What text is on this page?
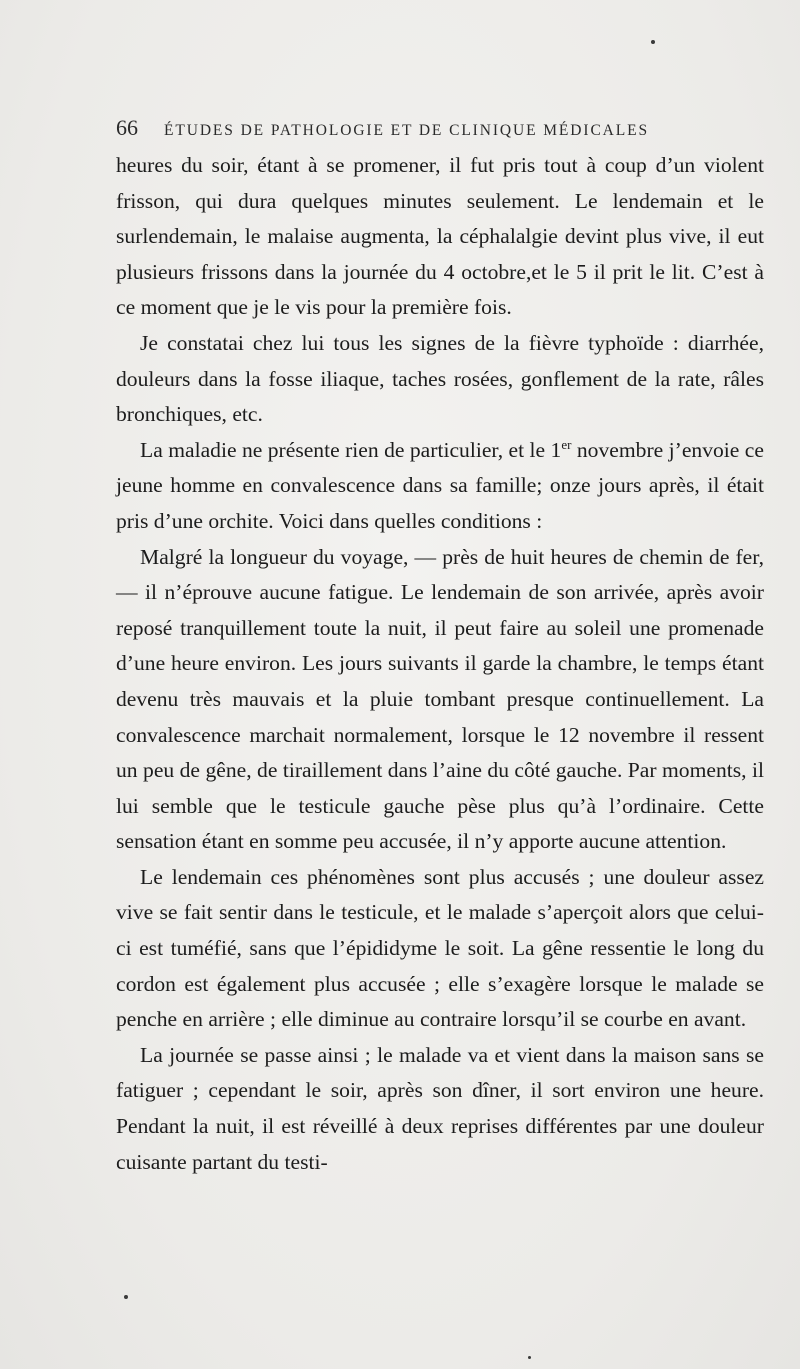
66 ÉTUDES DE PATHOLOGIE ET DE CLINIQUE MÉDICALES

heures du soir, étant à se promener, il fut pris tout à coup d’un violent frisson, qui dura quelques minutes seulement. Le lendemain et le surlendemain, le malaise augmenta, la céphalalgie devint plus vive, il eut plusieurs frissons dans la journée du 4 octobre,et le 5 il prit le lit. C’est à ce moment que je le vis pour la première fois.

Je constatai chez lui tous les signes de la fièvre typhoïde : diarrhée, douleurs dans la fosse iliaque, taches rosées, gonflement de la rate, râles bronchiques, etc.

La maladie ne présente rien de particulier, et le 1er novembre j’envoie ce jeune homme en convalescence dans sa famille; onze jours après, il était pris d’une orchite. Voici dans quelles conditions :

Malgré la longueur du voyage, — près de huit heures de chemin de fer,— il n’éprouve aucune fatigue. Le lendemain de son arrivée, après avoir reposé tranquillement toute la nuit, il peut faire au soleil une promenade d’une heure environ. Les jours suivants il garde la chambre, le temps étant devenu très mauvais et la pluie tombant presque continuellement. La convalescence marchait normalement, lorsque le 12 novembre il ressent un peu de gêne, de tiraillement dans l’aine du côté gauche. Par moments, il lui semble que le testicule gauche pèse plus qu’à l’ordinaire. Cette sensation étant en somme peu accusée, il n’y apporte aucune attention.

Le lendemain ces phénomènes sont plus accusés ; une douleur assez vive se fait sentir dans le testicule, et le malade s’aperçoit alors que celui-ci est tuméfié, sans que l’épididyme le soit. La gêne ressentie le long du cordon est également plus accusée ; elle s’exagère lorsque le malade se penche en arrière ; elle diminue au contraire lorsqu’il se courbe en avant.

La journée se passe ainsi ; le malade va et vient dans la maison sans se fatiguer ; cependant le soir, après son dîner, il sort environ une heure. Pendant la nuit, il est réveillé à deux reprises différentes par une douleur cuisante partant du testi-
